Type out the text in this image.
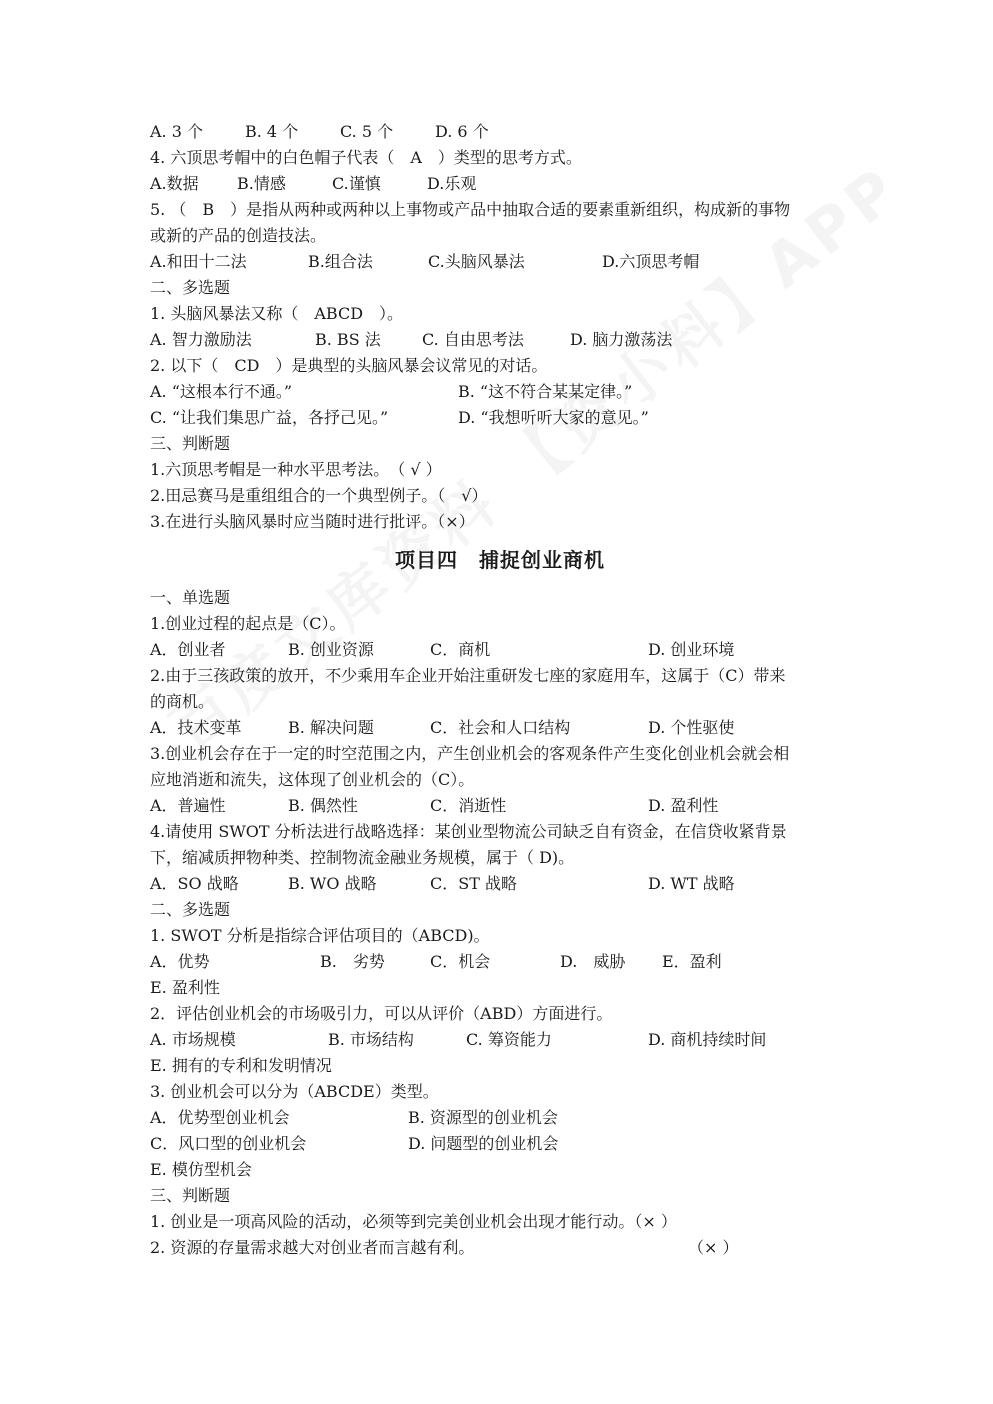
A. 3 个	B. 4 个	C. 5 个	D. 6 个
4. 六顶思考帽中的白色帽子代表（　A　）类型的思考方式。
A.数据 B.情感	C.谨慎	D.乐观
5. （　B　）是指从两种或两种以上事物或产品中抽取合适的要素重新组织，构成新的事物
或新的产品的创造技法。
A.和田十二法	B.组合法	C.头脑风暴法	D.六顶思考帽
二、多选题
1. 头脑风暴法又称（　ABCD　）。
A. 智力激励法	B. BS 法	C. 自由思考法	D. 脑力激荡法
2. 以下（　CD　）是典型的头脑风暴会议常见的对话。
A. “这根本行不通。”	B. “这不符合某某定律。”
C. “让我们集思广益，各抒己见。”	D. “我想听听大家的意见。”
三、判断题
1.六顶思考帽是一种水平思考法。　（ √ ）
2.田忌赛马是重组组合的一个典型例子。（　√）
3.在进行头脑风暴时应当随时进行批评。（×）
项目四　捕捉创业商机
一、单选题
1.创业过程的起点是（C）。
A．创业者	B. 创业资源	C．商机	D. 创业环境
2.由于三孩政策的放开，不少乘用车企业开始注重研发七座的家庭用车，这属于（C）带来
的商机。
A．技术变革	B. 解决问题	C．社会和人口结构	D. 个性驱使
3.创业机会存在于一定的时空范围之内，产生创业机会的客观条件产生变化创业机会就会相
应地消逝和流失，这体现了创业机会的（C）。
A．普遍性	B. 偶然性	C．消逝性	D. 盈利性
4.请使用 SWOT 分析法进行战略选择：某创业型物流公司缺乏自有资金，在信贷收紧背景
下，缩减质押物种类、控制物流金融业务规模，属于（ D)。
A．SO 战略	B. WO 战略	C．ST 战略	D. WT 战略
二、多选题
1. SWOT 分析是指综合评估项目的（ABCD)。
A．优势	B.　劣势	C．机会	D.　威胁 E．盈利
E. 盈利性
2．评估创业机会的市场吸引力，可以从评价（ABD）方面进行。
A. 市场规模	B. 市场结构	C. 筹资能力	D. 商机持续时间
E. 拥有的专利和发明情况
3. 创业机会可以分为（ABCDE）类型。
A．优势型创业机会	B. 资源型的创业机会
C．风口型的创业机会	D. 问题型的创业机会
E. 模仿型机会
三、判断题
1. 创业是一项高风险的活动，必须等到完美创业机会出现才能行动。（× ）
2. 资源的存量需求越大对创业者而言越有利。	（× ）
